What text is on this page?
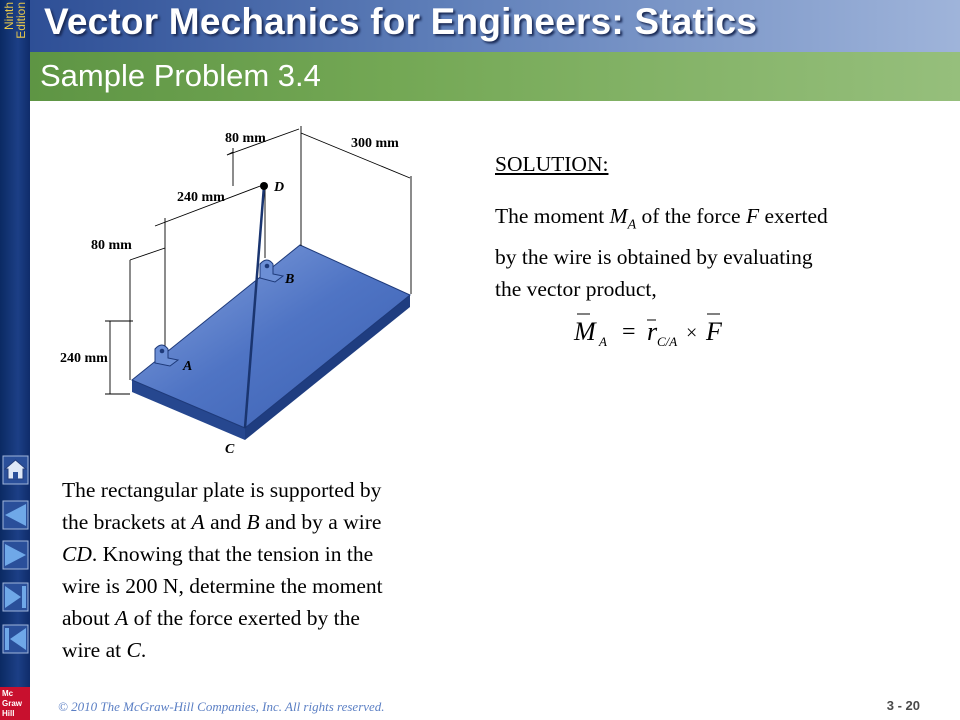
Ninth
Edition
Mc
Graw
Hill
Vector Mechanics for Engineers: Statics
Sample Problem 3.4
80 mm	300 mm
240 mm
80 mm
240 mm
D
B
A
C
The rectangular plate is supported by
the brackets at A and B and by a wire
CD. Knowing that the tension in the
wire is 200 N, determine the moment
about A of the force exerted by the
wire at C.
SOLUTION:
The moment $M_A$ of the force F exerted
by the wire is obtained by evaluating
the vector product,
M A = r C/A × F
© 2010 The McGraw-Hill Companies, Inc. All rights reserved.	3 - 20
